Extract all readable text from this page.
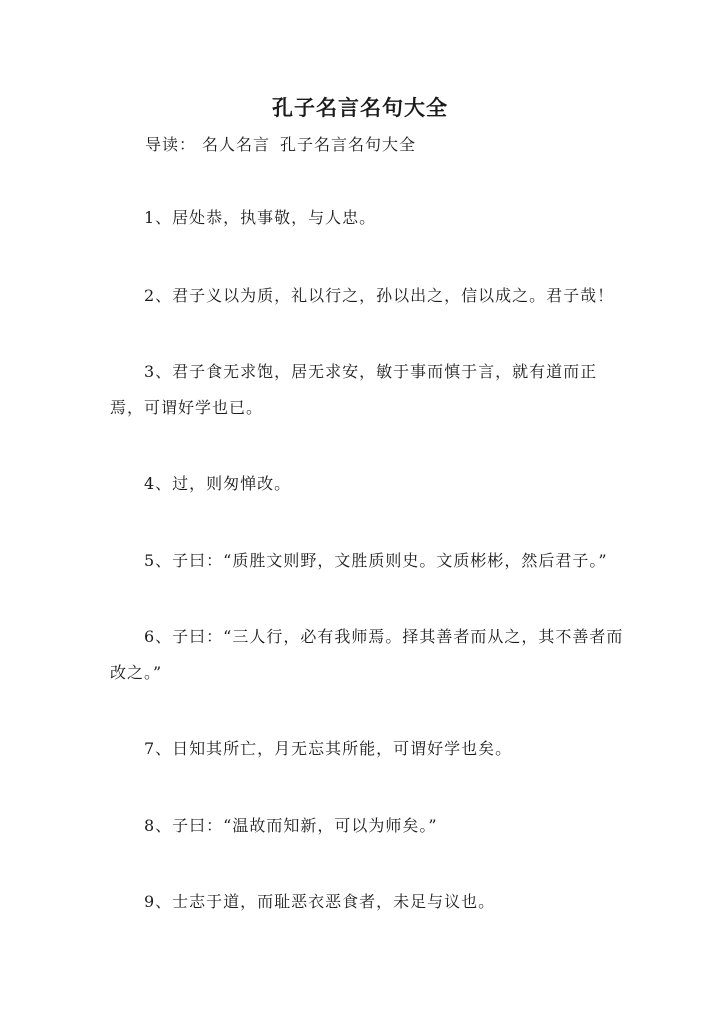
孔子名言名句大全

导读： 名人名言 孔子名言名句大全

1、居处恭，执事敬，与人忠。

2、君子义以为质，礼以行之，孙以出之，信以成之。君子哉！

3、君子食无求饱，居无求安，敏于事而慎于言，就有道而正焉，可谓好学也已。

4、过，则匆惮改。

5、子曰：“质胜文则野，文胜质则史。文质彬彬，然后君子。”

6、子曰：“三人行，必有我师焉。择其善者而从之，其不善者而改之。”

7、日知其所亡，月无忘其所能，可谓好学也矣。

8、子曰：“温故而知新，可以为师矣。”

9、士志于道，而耻恶衣恶食者，未足与议也。
